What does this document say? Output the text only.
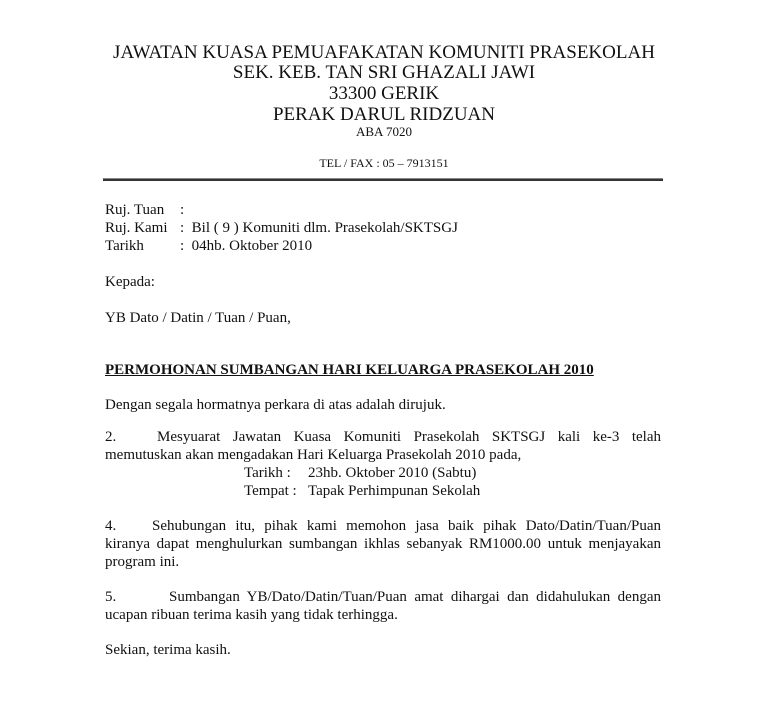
JAWATAN KUASA PEMUAFAKATAN KOMUNITI PRASEKOLAH
SEK. KEB. TAN SRI GHAZALI JAWI
33300 GERIK
PERAK DARUL RIDZUAN
ABA 7020
TEL / FAX : 05 – 7913151
Ruj. Tuan :
Ruj. Kami : Bil ( 9 ) Komuniti dlm. Prasekolah/SKTSGJ
Tarikh : 04hb. Oktober 2010
Kepada:
YB Dato / Datin / Tuan / Puan,
PERMOHONAN SUMBANGAN HARI KELUARGA PRASEKOLAH 2010
Dengan segala hormatnya perkara di atas adalah dirujuk.
2.	Mesyuarat Jawatan Kuasa Komuniti Prasekolah SKTSGJ kali ke-3 telah
memutuskan akan mengadakan Hari Keluarga Prasekolah 2010 pada,
Tarikh : 23hb. Oktober 2010 (Sabtu)
Tempat : Tapak Perhimpunan Sekolah
4. Sehubungan itu, pihak kami memohon jasa baik pihak Dato/Datin/Tuan/Puan
kiranya dapat menghulurkan sumbangan ikhlas sebanyak RM1000.00 untuk menjayakan
program ini.
5.	Sumbangan YB/Dato/Datin/Tuan/Puan amat dihargai dan didahulukan dengan
ucapan ribuan terima kasih yang tidak terhingga.
Sekian, terima kasih.
